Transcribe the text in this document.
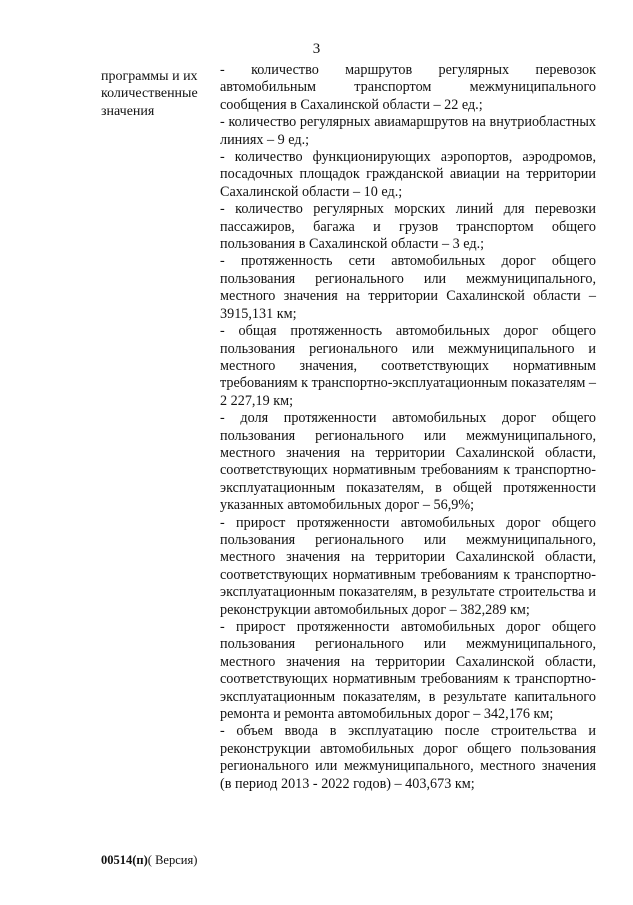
3
программы и их
количественные
значения

- количество маршрутов регулярных перевозок автомобильным транспортом межмуниципального сообщения в Сахалинской области – 22 ед.;

- количество регулярных авиамаршрутов на внутриобластных линиях – 9 ед.;

- количество функционирующих аэропортов, аэродромов, посадочных площадок гражданской авиации на территории Сахалинской области – 10 ед.;

- количество регулярных морских линий для перевозки пассажиров, багажа и грузов транспортом общего пользования в Сахалинской области – 3 ед.;

- протяженность сети автомобильных дорог общего пользования регионального или межмуниципального, местного значения на территории Сахалинской области – 3915,131 км;

- общая протяженность автомобильных дорог общего пользования регионального или межмуниципального и местного значения, соответствующих нормативным требованиям к транспортно-эксплуатационным показателям – 2 227,19 км;

- доля протяженности автомобильных дорог общего пользования регионального или межмуниципального, местного значения на территории Сахалинской области, соответствующих нормативным требованиям к транспортно-эксплуатационным показателям, в общей протяженности указанных автомобильных дорог – 56,9%;

- прирост протяженности автомобильных дорог общего пользования регионального или межмуниципального, местного значения на территории Сахалинской области, соответствующих нормативным требованиям к транспортно-эксплуатационным показателям, в результате строительства и реконструкции автомобильных дорог – 382,289 км;

- прирост протяженности автомобильных дорог общего пользования регионального или межмуниципального, местного значения на территории Сахалинской области, соответствующих нормативным требованиям к транспортно-эксплуатационным показателям, в результате капитального ремонта и ремонта автомобильных дорог – 342,176 км;

- объем ввода в эксплуатацию после строительства и реконструкции автомобильных дорог общего пользования регионального или межмуниципального, местного значения (в период 2013 - 2022 годов) – 403,673 км;

00514(п)( Версия)
